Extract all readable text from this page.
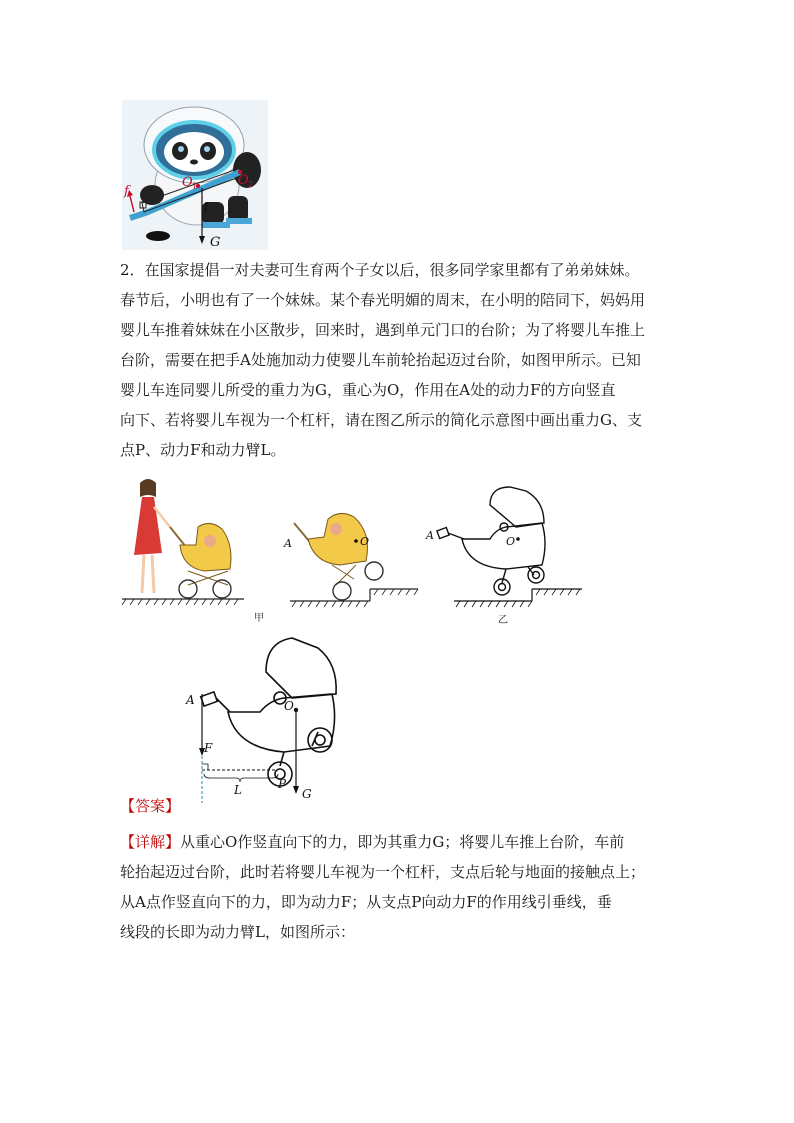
f
O 1	O 2
l
G
2．在国家提倡一对夫妻可生育两个子女以后，很多同学家里都有了弟弟妹妹。
春节后，小明也有了一个妹妹。某个春光明媚的周末，在小明的陪同下，妈妈用
婴儿车推着妹妹在小区散步，回来时，遇到单元门口的台阶；为了将婴儿车推上
台阶，需要在把手A处施加动力使婴儿车前轮抬起迈过台阶，如图甲所示。已知
婴儿车连同婴儿所受的重力为G，重心为O，作用在A处的动力F的方向竖直
向下、若将婴儿车视为一个杠杆，请在图乙所示的简化示意图中画出重力G、支
点P、动力F和动力臂L。
A	O	A	O
甲	乙
A	O
F
L	P
G
【答案】
【详解】从重心O作竖直向下的力，即为其重力G；将婴儿车推上台阶，车前
轮抬起迈过台阶，此时若将婴儿车视为一个杠杆，支点后轮与地面的接触点上；
从A点作竖直向下的力，即为动力F；从支点P向动力F的作用线引垂线，垂
线段的长即为动力臂L，如图所示：
